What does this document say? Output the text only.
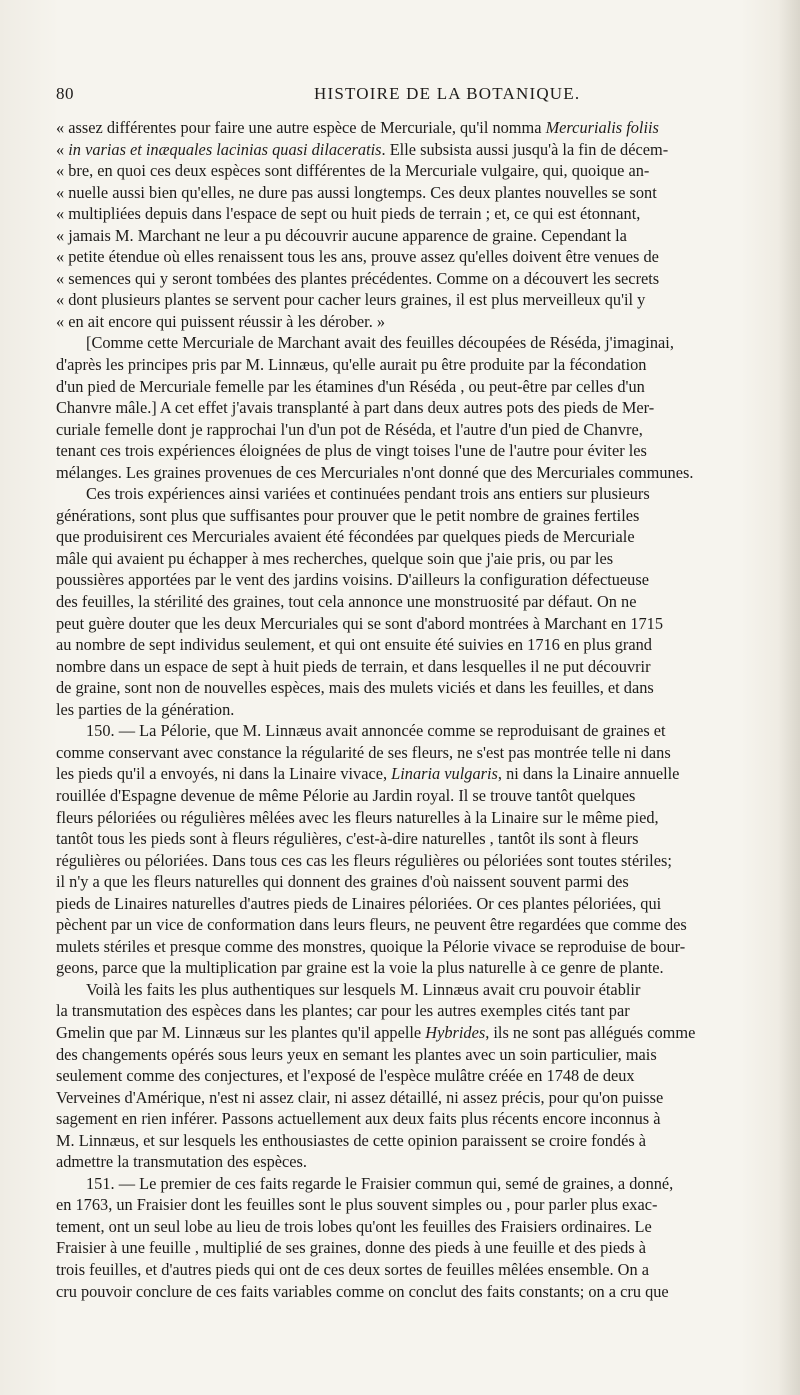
80	HISTOIRE DE LA BOTANIQUE.
« assez différentes pour faire une autre espèce de Mercuriale, qu'il nomma Mercurialis foliis
« in varias et inæquales lacinias quasi dilaceratis. Elle subsista aussi jusqu'à la fin de décem-
« bre, en quoi ces deux espèces sont différentes de la Mercuriale vulgaire, qui, quoique an-
« nuelle aussi bien qu'elles, ne dure pas aussi longtemps. Ces deux plantes nouvelles se sont
« multipliées depuis dans l'espace de sept ou huit pieds de terrain ; et, ce qui est étonnant,
« jamais M. Marchant ne leur a pu découvrir aucune apparence de graine. Cependant la
« petite étendue où elles renaissent tous les ans, prouve assez qu'elles doivent être venues de
« semences qui y seront tombées des plantes précédentes. Comme on a découvert les secrets
« dont plusieurs plantes se servent pour cacher leurs graines, il est plus merveilleux qu'il y
« en ait encore qui puissent réussir à les dérober. »
[Comme cette Mercuriale de Marchant avait des feuilles découpées de Réséda, j'imaginai,
d'après les principes pris par M. Linnæus, qu'elle aurait pu être produite par la fécondation
d'un pied de Mercuriale femelle par les étamines d'un Réséda , ou peut-être par celles d'un
Chanvre mâle.] A cet effet j'avais transplanté à part dans deux autres pots des pieds de Mer-
curiale femelle dont je rapprochai l'un d'un pot de Réséda, et l'autre d'un pied de Chanvre,
tenant ces trois expériences éloignées de plus de vingt toises l'une de l'autre pour éviter les
mélanges. Les graines provenues de ces Mercuriales n'ont donné que des Mercuriales communes.
Ces trois expériences ainsi variées et continuées pendant trois ans entiers sur plusieurs
générations, sont plus que suffisantes pour prouver que le petit nombre de graines fertiles
que produisirent ces Mercuriales avaient été fécondées par quelques pieds de Mercuriale
mâle qui avaient pu échapper à mes recherches, quelque soin que j'aie pris, ou par les
poussières apportées par le vent des jardins voisins. D'ailleurs la configuration défectueuse
des feuilles, la stérilité des graines, tout cela annonce une monstruosité par défaut. On ne
peut guère douter que les deux Mercuriales qui se sont d'abord montrées à Marchant en 1715
au nombre de sept individus seulement, et qui ont ensuite été suivies en 1716 en plus grand
nombre dans un espace de sept à huit pieds de terrain, et dans lesquelles il ne put découvrir
de graine, sont non de nouvelles espèces, mais des mulets viciés et dans les feuilles, et dans
les parties de la génération.
150. — La Pélorie, que M. Linnæus avait annoncée comme se reproduisant de graines et
comme conservant avec constance la régularité de ses fleurs, ne s'est pas montrée telle ni dans
les pieds qu'il a envoyés, ni dans la Linaire vivace, Linaria vulgaris, ni dans la Linaire annuelle
rouillée d'Espagne devenue de même Pélorie au Jardin royal. Il se trouve tantôt quelques
fleurs péloriées ou régulières mêlées avec les fleurs naturelles à la Linaire sur le même pied,
tantôt tous les pieds sont à fleurs régulières, c'est-à-dire naturelles , tantôt ils sont à fleurs
régulières ou péloriées. Dans tous ces cas les fleurs régulières ou péloriées sont toutes stériles;
il n'y a que les fleurs naturelles qui donnent des graines d'où naissent souvent parmi des
pieds de Linaires naturelles d'autres pieds de Linaires péloriées. Or ces plantes péloriées, qui
pèchent par un vice de conformation dans leurs fleurs, ne peuvent être regardées que comme des
mulets stériles et presque comme des monstres, quoique la Pélorie vivace se reproduise de bour-
geons, parce que la multiplication par graine est la voie la plus naturelle à ce genre de plante.
Voilà les faits les plus authentiques sur lesquels M. Linnæus avait cru pouvoir établir
la transmutation des espèces dans les plantes; car pour les autres exemples cités tant par
Gmelin que par M. Linnæus sur les plantes qu'il appelle Hybrides, ils ne sont pas allégués comme
des changements opérés sous leurs yeux en semant les plantes avec un soin particulier, mais
seulement comme des conjectures, et l'exposé de l'espèce mulâtre créée en 1748 de deux
Verveines d'Amérique, n'est ni assez clair, ni assez détaillé, ni assez précis, pour qu'on puisse
sagement en rien inférer. Passons actuellement aux deux faits plus récents encore inconnus à
M. Linnæus, et sur lesquels les enthousiastes de cette opinion paraissent se croire fondés à
admettre la transmutation des espèces.
151. — Le premier de ces faits regarde le Fraisier commun qui, semé de graines, a donné,
en 1763, un Fraisier dont les feuilles sont le plus souvent simples ou , pour parler plus exac-
tement, ont un seul lobe au lieu de trois lobes qu'ont les feuilles des Fraisiers ordinaires. Le
Fraisier à une feuille , multiplié de ses graines, donne des pieds à une feuille et des pieds à
trois feuilles, et d'autres pieds qui ont de ces deux sortes de feuilles mêlées ensemble. On a
cru pouvoir conclure de ces faits variables comme on conclut des faits constants; on a cru que
